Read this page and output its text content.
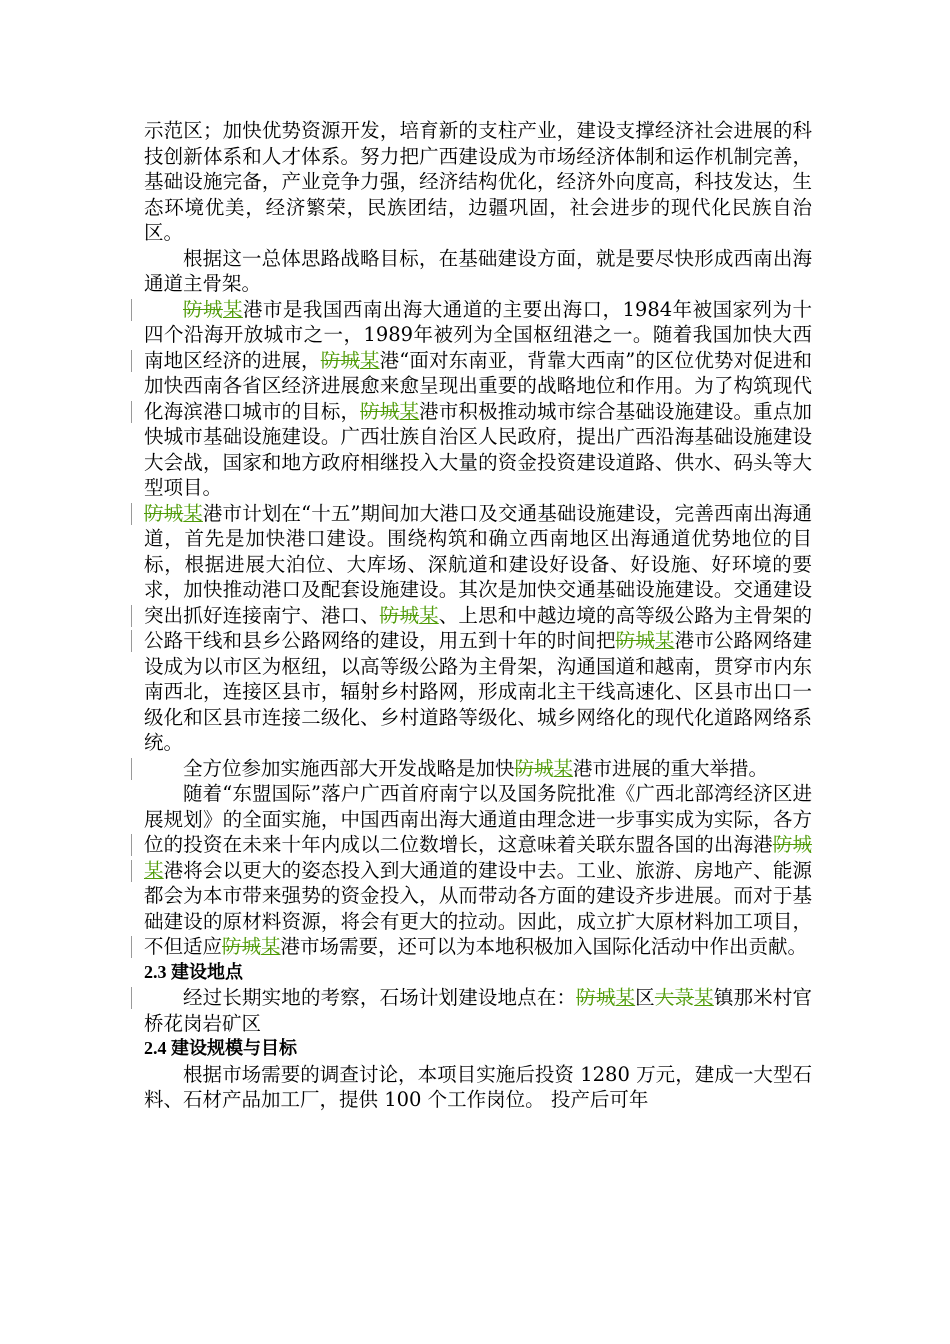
示范区；加快优势资源开发，培育新的支柱产业，建设支撑经济社会进展的科技创新体系和人才体系。努力把广西建设成为市场经济体制和运作机制完善，基础设施完备，产业竞争力强，经济结构优化，经济外向度高，科技发达，生态环境优美，经济繁荣，民族团结，边疆巩固，社会进步的现代化民族自治区。

根据这一总体思路战略目标，在基础建设方面，就是要尽快形成西南出海通道主骨架。

防城某港市是我国西南出海大通道的主要出海口，1984年被国家列为十四个沿海开放城市之一，1989年被列为全国枢纽港之一。随着我国加快大西南地区经济的进展，防城某港“面对东南亚，背靠大西南”的区位优势对促进和加快西南各省区经济进展愈来愈呈现出重要的战略地位和作用。为了构筑现代化海滨港口城市的目标，防城某港市积极推动城市综合基础设施建设。重点加快城市基础设施建设。广西壮族自治区人民政府，提出广西沿海基础设施建设大会战，国家和地方政府相继投入大量的资金投资建设道路、供水、码头等大型项目。

防城某港市计划在“十五”期间加大港口及交通基础设施建设，完善西南出海通道，首先是加快港口建设。围绕构筑和确立西南地区出海通道优势地位的目标，根据进展大泊位、大库场、深航道和建设好设备、好设施、好环境的要求，加快推动港口及配套设施建设。其次是加快交通基础设施建设。交通建设突出抓好连接南宁、港口、防城某、上思和中越边境的高等级公路为主骨架的公路干线和县乡公路网络的建设，用五到十年的时间把防城某港市公路网络建设成为以市区为枢纽，以高等级公路为主骨架，沟通国道和越南，贯穿市内东南西北，连接区县市，辐射乡村路网，形成南北主干线高速化、区县市出口一级化和区县市连接二级化、乡村道路等级化、城乡网络化的现代化道路网络系统。

全方位参加实施西部大开发战略是加快防城某港市进展的重大举措。

随着“东盟国际”落户广西首府南宁以及国务院批准《广西北部湾经济区进展规划》的全面实施，中国西南出海大通道由理念进一步事实成为实际，各方位的投资在未来十年内成以二位数增长，这意味着关联东盟各国的出海港防城某港将会以更大的姿态投入到大通道的建设中去。工业、旅游、房地产、能源都会为本市带来强势的资金投入，从而带动各方面的建设齐步进展。而对于基础建设的原材料资源，将会有更大的拉动。因此，成立扩大原材料加工项目，不但适应防城某港市场需要，还可以为本地积极加入国际化活动中作出贡献。

2.3 建设地点

经过长期实地的考察，石场计划建设地点在：防城某区大菉某镇那米村官桥花岗岩矿区

2.4 建设规模与目标

根据市场需要的调查讨论，本项目实施后投资 1280 万元，建成一大型石料、石材产品加工厂，提供 100 个工作岗位。 投产后可年
